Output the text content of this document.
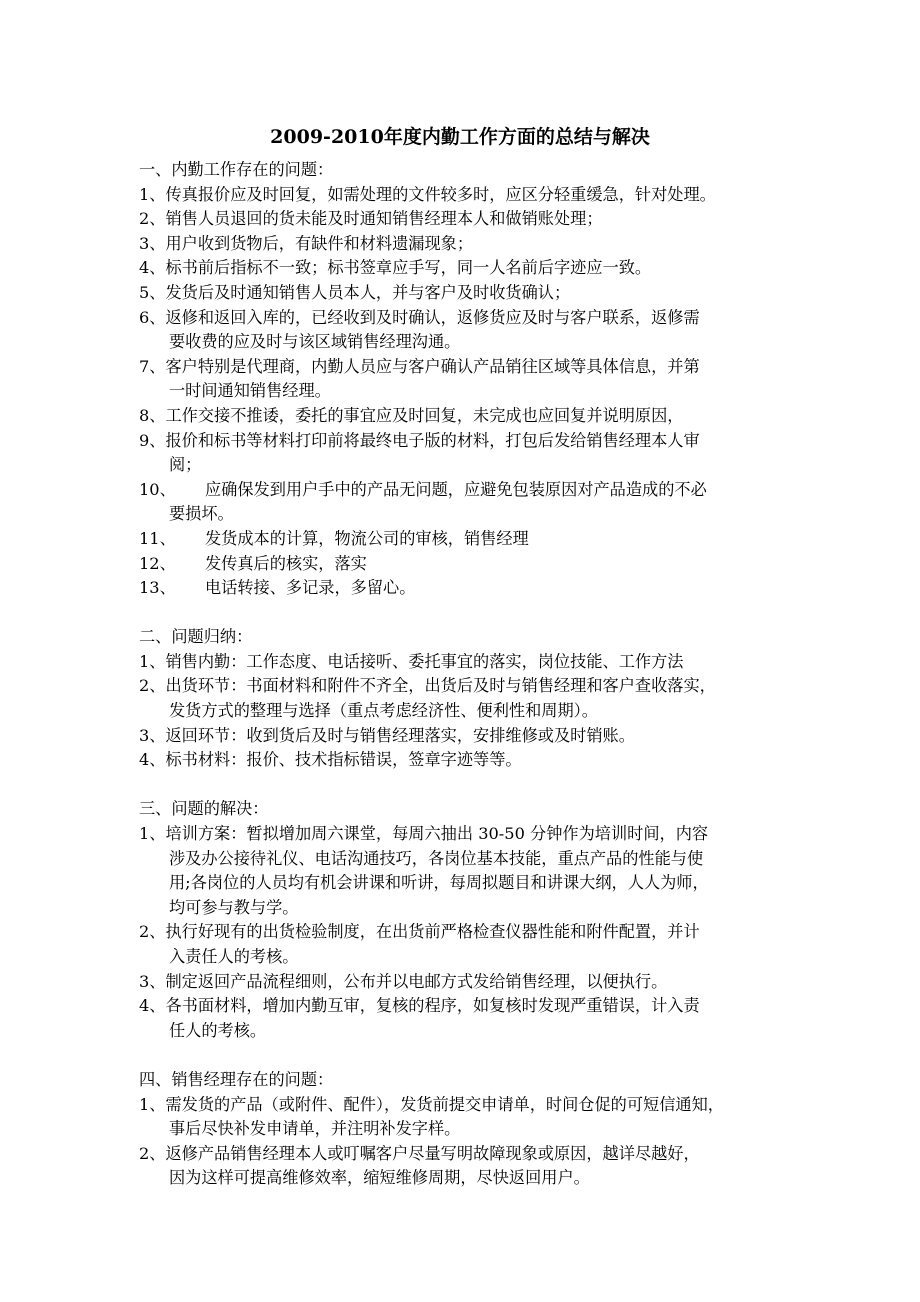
2009-2010年度内勤工作方面的总结与解决
一、内勤工作存在的问题：
1、传真报价应及时回复，如需处理的文件较多时，应区分轻重缓急，针对处理。
2、销售人员退回的货未能及时通知销售经理本人和做销账处理；
3、用户收到货物后，有缺件和材料遗漏现象；
4、标书前后指标不一致；标书签章应手写，同一人名前后字迹应一致。
5、发货后及时通知销售人员本人，并与客户及时收货确认；
6、返修和返回入库的，已经收到及时确认，返修货应及时与客户联系，返修需
要收费的应及时与该区域销售经理沟通。
7、客户特别是代理商，内勤人员应与客户确认产品销往区域等具体信息，并第
一时间通知销售经理。
8、工作交接不推诿，委托的事宜应及时回复，未完成也应回复并说明原因，
9、报价和标书等材料打印前将最终电子版的材料，打包后发给销售经理本人审
阅；
10、 应确保发到用户手中的产品无问题，应避免包装原因对产品造成的不必
要损坏。
11、 发货成本的计算，物流公司的审核，销售经理
12、 发传真后的核实，落实
13、 电话转接、多记录，多留心。
二、问题归纳：
1、销售内勤：工作态度、电话接听、委托事宜的落实，岗位技能、工作方法
2、出货环节：书面材料和附件不齐全，出货后及时与销售经理和客户查收落实，
发货方式的整理与选择（重点考虑经济性、便利性和周期）。
3、返回环节：收到货后及时与销售经理落实，安排维修或及时销账。
4、标书材料：报价、技术指标错误，签章字迹等等。
三、问题的解决：
1、培训方案：暂拟增加周六课堂，每周六抽出 30-50 分钟作为培训时间，内容
涉及办公接待礼仪、电话沟通技巧，各岗位基本技能，重点产品的性能与使
用;各岗位的人员均有机会讲课和听讲，每周拟题目和讲课大纲，人人为师，
均可参与教与学。
2、执行好现有的出货检验制度，在出货前严格检查仪器性能和附件配置，并计
入责任人的考核。
3、制定返回产品流程细则，公布并以电邮方式发给销售经理，以便执行。
4、各书面材料，增加内勤互审，复核的程序，如复核时发现严重错误，计入责
任人的考核。
四、销售经理存在的问题：
1、需发货的产品（或附件、配件），发货前提交申请单，时间仓促的可短信通知，
事后尽快补发申请单，并注明补发字样。
2、返修产品销售经理本人或叮嘱客户尽量写明故障现象或原因，越详尽越好，
因为这样可提高维修效率，缩短维修周期，尽快返回用户。
